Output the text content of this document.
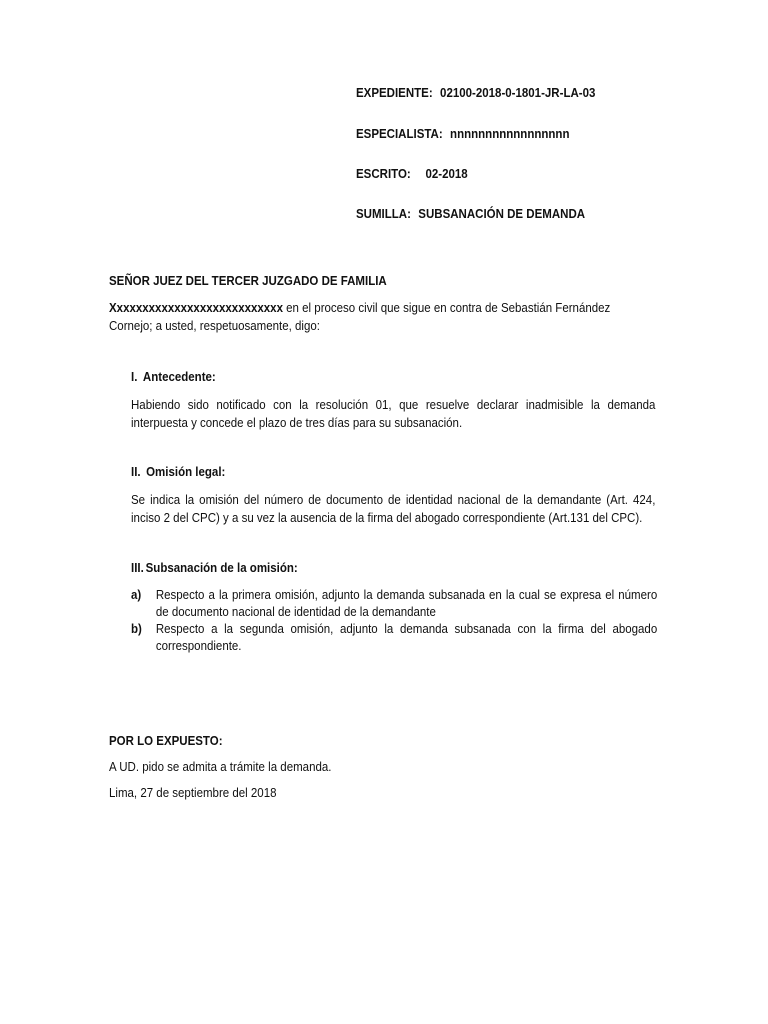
EXPEDIENTE: 02100-2018-0-1801-JR-LA-03
ESPECIALISTA: nnnnnnnnnnnnnnnnn
ESCRITO: 02-2018
SUMILLA: SUBSANACIÓN DE DEMANDA
SEÑOR JUEZ DEL TERCER JUZGADO DE FAMILIA
Xxxxxxxxxxxxxxxxxxxxxxxxxxx en el proceso civil que sigue en contra de Sebastián Fernández Cornejo; a usted, respetuosamente, digo:
I. Antecedente:
Habiendo sido notificado con la resolución 01, que resuelve declarar inadmisible la demanda interpuesta y concede el plazo de tres días para su subsanación.
II. Omisión legal:
Se indica la omisión del número de documento de identidad nacional de la demandante (Art. 424, inciso 2 del CPC) y a su vez la ausencia de la firma del abogado correspondiente (Art.131 del CPC).
III. Subsanación de la omisión:
a) Respecto a la primera omisión, adjunto la demanda subsanada en la cual se expresa el número de documento nacional de identidad de la demandante
b) Respecto a la segunda omisión, adjunto la demanda subsanada con la firma del abogado correspondiente.
POR LO EXPUESTO:
A UD. pido se admita a trámite la demanda.
Lima, 27 de septiembre del 2018
